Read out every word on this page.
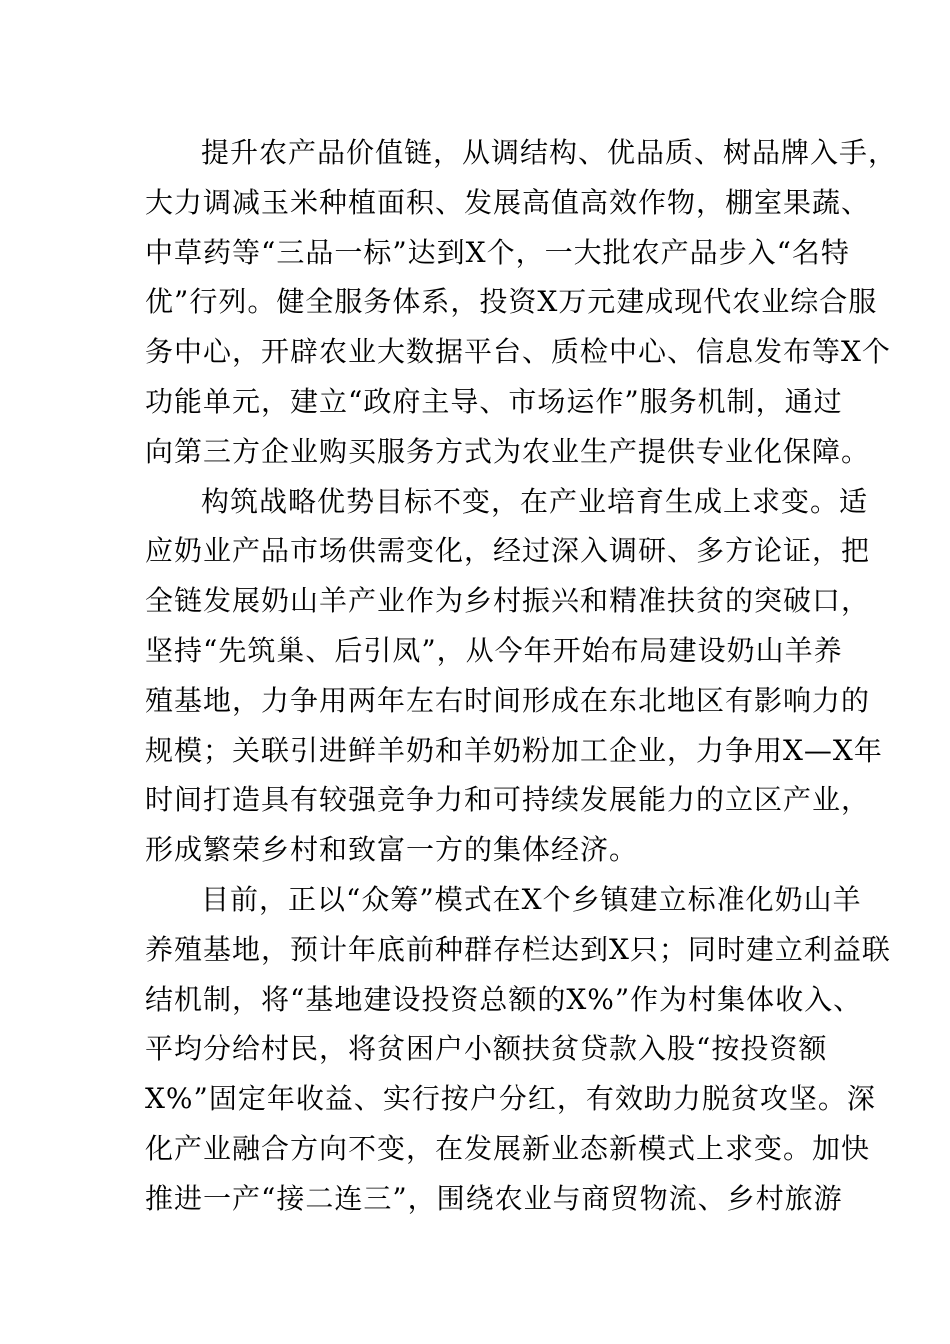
提升农产品价值链，从调结构、优品质、树品牌入手，
大力调减玉米种植面积、发展高值高效作物，棚室果蔬、
中草药等“三品一标”达到X个，一大批农产品步入“名特
优”行列。健全服务体系，投资X万元建成现代农业综合服
务中心，开辟农业大数据平台、质检中心、信息发布等X个
功能单元，建立“政府主导、市场运作”服务机制，通过
向第三方企业购买服务方式为农业生产提供专业化保障。
构筑战略优势目标不变，在产业培育生成上求变。适
应奶业产品市场供需变化，经过深入调研、多方论证，把
全链发展奶山羊产业作为乡村振兴和精准扶贫的突破口，
坚持“先筑巢、后引凤”，从今年开始布局建设奶山羊养
殖基地，力争用两年左右时间形成在东北地区有影响力的
规模；关联引进鲜羊奶和羊奶粉加工企业，力争用X—X年
时间打造具有较强竞争力和可持续发展能力的立区产业，
形成繁荣乡村和致富一方的集体经济。
目前，正以“众筹”模式在X个乡镇建立标准化奶山羊
养殖基地，预计年底前种群存栏达到X只；同时建立利益联
结机制，将“基地建设投资总额的X%”作为村集体收入、
平均分给村民，将贫困户小额扶贫贷款入股“按投资额
X%”固定年收益、实行按户分红，有效助力脱贫攻坚。深
化产业融合方向不变，在发展新业态新模式上求变。加快
推进一产“接二连三”，围绕农业与商贸物流、乡村旅游
